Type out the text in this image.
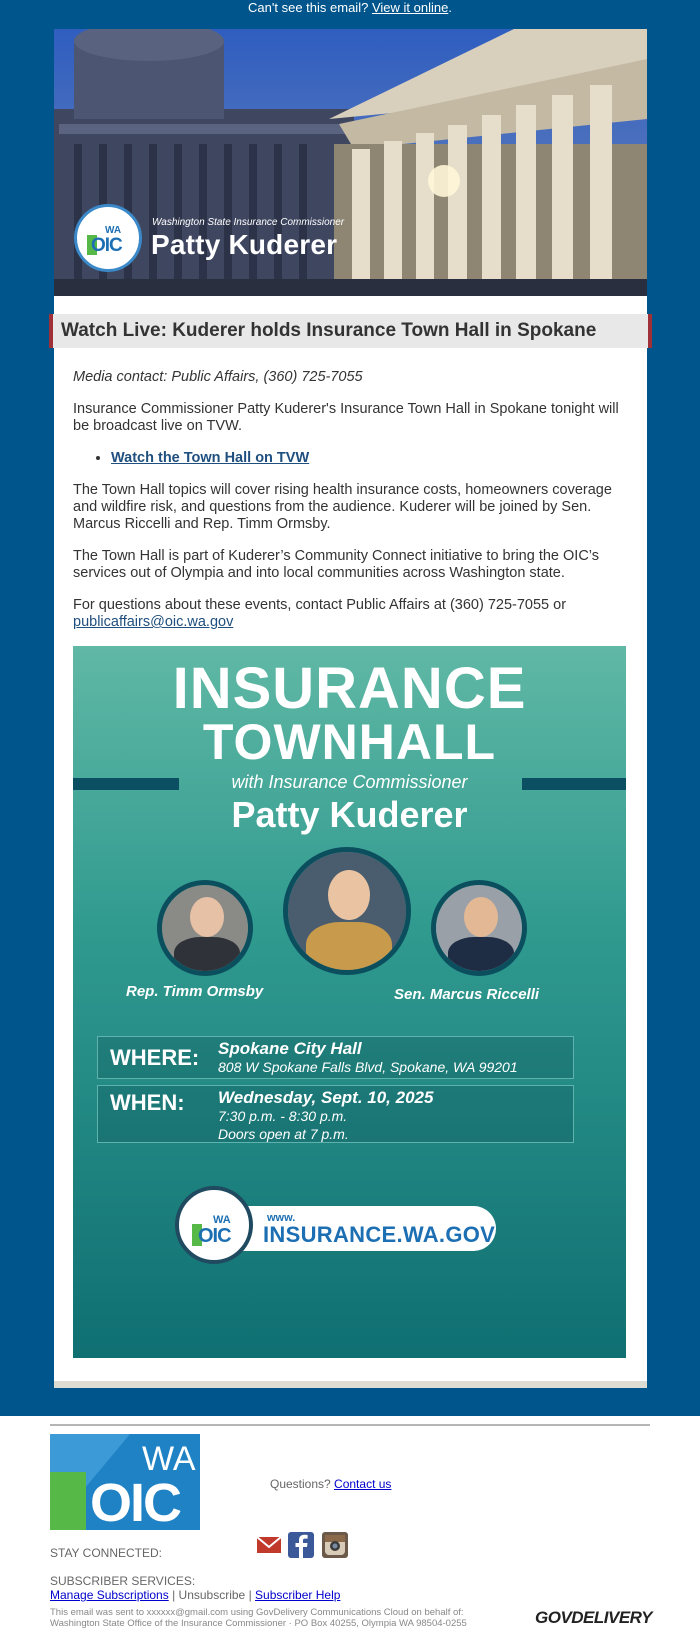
Can't see this email? View it online.
WA
OIC
Washington State Insurance Commissioner
Patty Kuderer
Watch Live: Kuderer holds Insurance Town Hall in Spokane

Media contact: Public Affairs, (360) 725-7055

Insurance Commissioner Patty Kuderer's Insurance Town Hall in Spokane tonight will be broadcast live on TVW.

• Watch the Town Hall on TVW

The Town Hall topics will cover rising health insurance costs, homeowners coverage and wildfire risk, and questions from the audience. Kuderer will be joined by Sen. Marcus Riccelli and Rep. Timm Ormsby.

The Town Hall is part of Kuderer’s Community Connect initiative to bring the OIC’s services out of Olympia and into local communities across Washington state.

For questions about these events, contact Public Affairs at (360) 725-7055 or publicaffairs@oic.wa.gov

INSURANCE
TOWNHALL
with Insurance Commissioner
Patty Kuderer
Rep. Timm Ormsby	Sen. Marcus Riccelli
WHERE: Spokane City Hall
808 W Spokane Falls Blvd, Spokane, WA 99201
WHEN: Wednesday, Sept. 10, 2025
7:30 p.m. - 8:30 p.m.
Doors open at 7 p.m.
www.
INSURANCE.WA.GOV
WA
OIC
WA
OIC	Questions? Contact us
STAY CONNECTED:
SUBSCRIBER SERVICES:
Manage Subscriptions | Unsubscribe | Subscriber Help
This email was sent to xxxxxx@gmail.com using GovDelivery Communications Cloud on behalf of:
Washington State Office of the Insurance Commissioner · PO Box 40255, Olympia WA 98504-0255	GOVDELIVERY
